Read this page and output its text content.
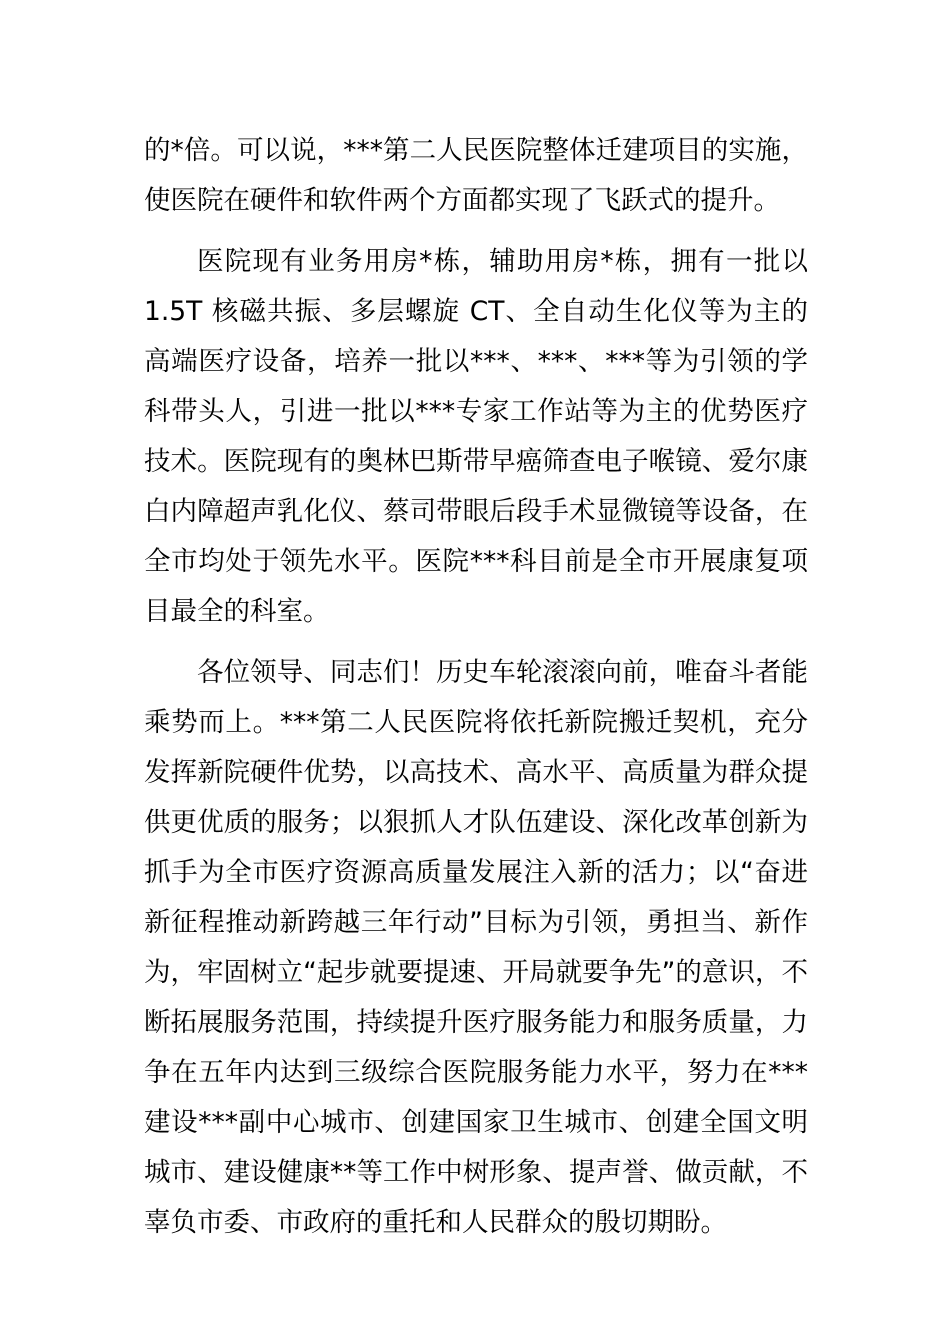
的*倍。可以说，***第二人民医院整体迁建项目的实施，使医院在硬件和软件两个方面都实现了飞跃式的提升。

医院现有业务用房*栋，辅助用房*栋，拥有一批以 1.5T 核磁共振、多层螺旋 CT、全自动生化仪等为主的高端医疗设备，培养一批以***、***、***等为引领的学科带头人，引进一批以***专家工作站等为主的优势医疗技术。医院现有的奥林巴斯带早癌筛查电子喉镜、爱尔康白内障超声乳化仪、蔡司带眼后段手术显微镜等设备，在全市均处于领先水平。医院***科目前是全市开展康复项目最全的科室。

各位领导、同志们！历史车轮滚滚向前，唯奋斗者能乘势而上。***第二人民医院将依托新院搬迁契机，充分发挥新院硬件优势，以高技术、高水平、高质量为群众提供更优质的服务；以狠抓人才队伍建设、深化改革创新为抓手为全市医疗资源高质量发展注入新的活力；以“奋进新征程推动新跨越三年行动”目标为引领，勇担当、新作为，牢固树立“起步就要提速、开局就要争先”的意识，不断拓展服务范围，持续提升医疗服务能力和服务质量，力争在五年内达到三级综合医院服务能力水平，努力在***建设***副中心城市、创建国家卫生城市、创建全国文明城市、建设健康**等工作中树形象、提声誉、做贡献，不辜负市委、市政府的重托和人民群众的殷切期盼。
